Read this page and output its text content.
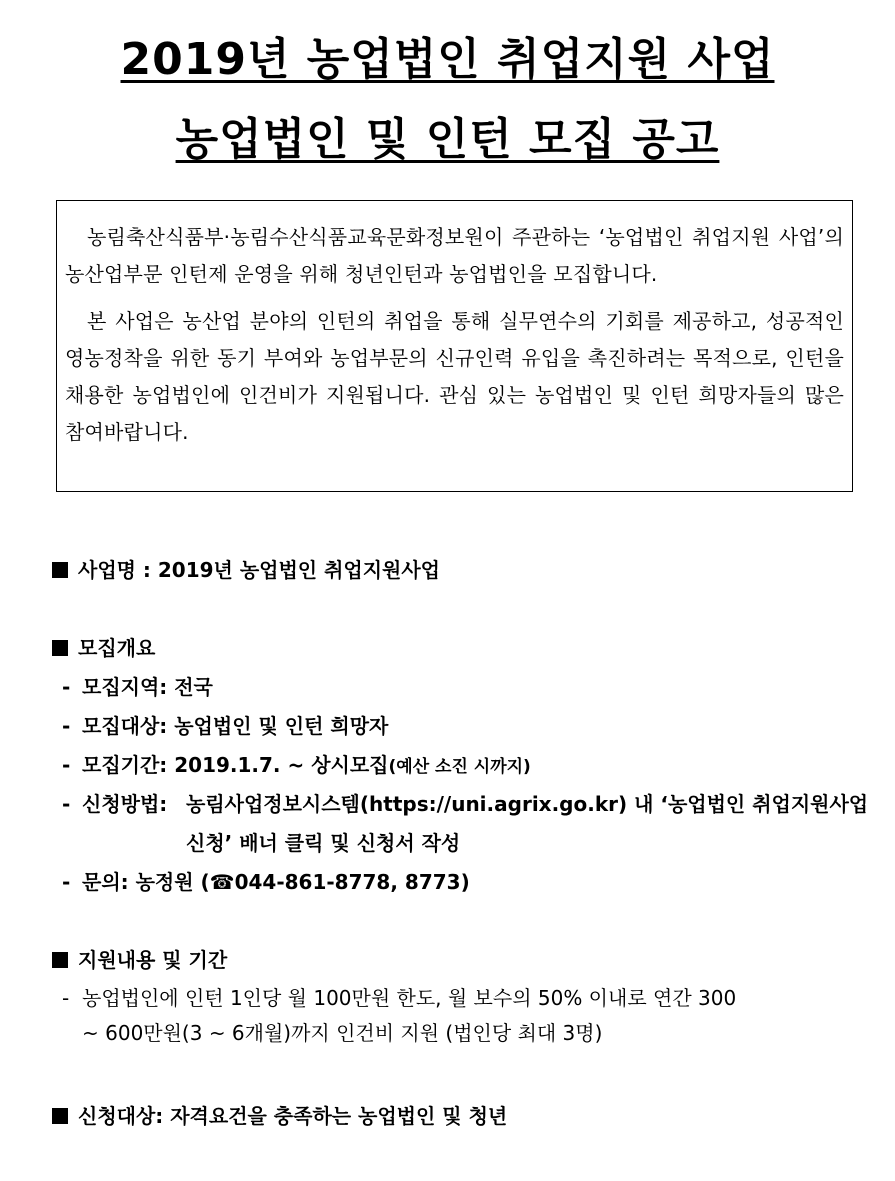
2019년 농업법인 취업지원 사업
농업법인 및 인턴 모집 공고

농림축산식품부·농림수산식품교육문화정보원이 주관하는 ‘농업법인 취업지원 사업’의 농산업부문 인턴제 운영을 위해 청년인턴과 농업법인을 모집합니다.

본 사업은 농산업 분야의 인턴의 취업을 통해 실무연수의 기회를 제공하고, 성공적인 영농정착을 위한 동기 부여와 농업부문의 신규인력 유입을 촉진하려는 목적으로, 인턴을 채용한 농업법인에 인건비가 지원됩니다. 관심 있는 농업법인 및 인턴 희망자들의 많은 참여바랍니다.

사업명 : 2019년 농업법인 취업지원사업
모집개요
- 모집지역: 전국
- 모집대상: 농업법인 및 인턴 희망자
- 모집기간: 2019.1.7. ~ 상시모집(예산 소진 시까지)
- 신청방법: 농림사업정보시스템(https://uni.agrix.go.kr) 내 ‘농업법인 취업지원사업
신청’ 배너 클릭 및 신청서 작성
- 문의: 농정원 (☎044-861-8778, 8773)
지원내용 및 기간
- 농업법인에 인턴 1인당 월 100만원 한도, 월 보수의 50% 이내로 연간 300
~ 600만원(3 ~ 6개월)까지 인건비 지원 (법인당 최대 3명)
신청대상: 자격요건을 충족하는 농업법인 및 청년
